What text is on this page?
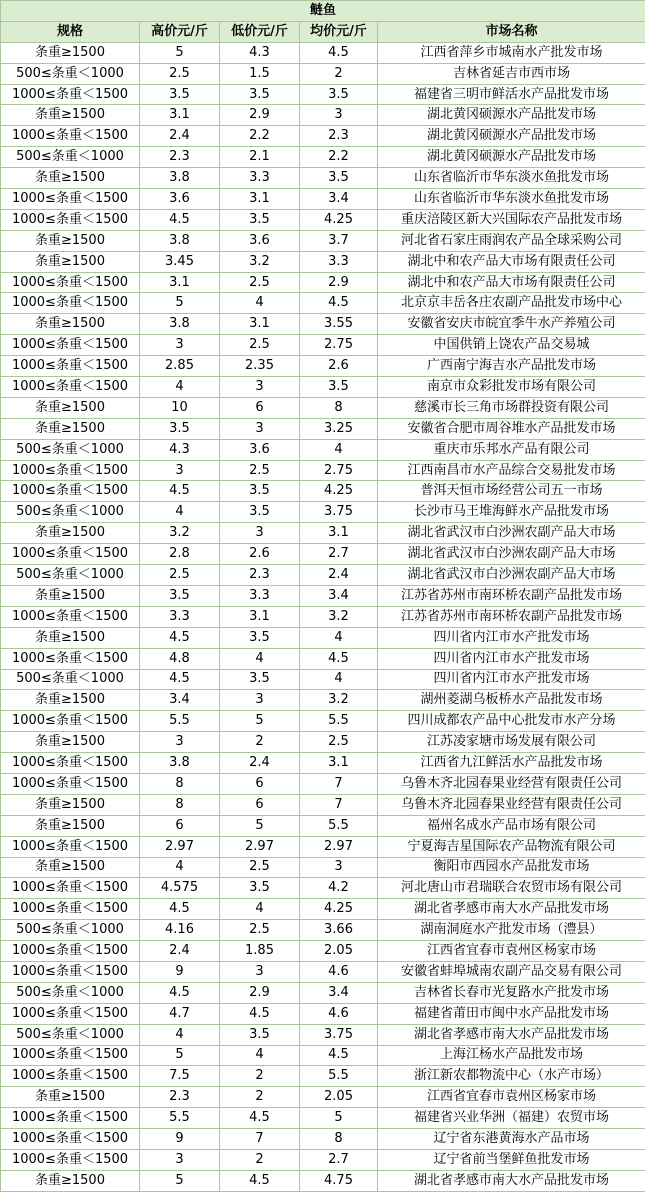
鲢鱼				
规格	高价元/斤	低价元/斤	均价元/斤	市场名称
条重≥1500	5	4.3	4.5	江西省萍乡市城南水产批发市场
500≤条重＜1000	2.5	1.5	2	吉林省延吉市西市场
1000≤条重＜1500	3.5	3.5	3.5	福建省三明市鲜活水产品批发市场
条重≥1500	3.1	2.9	3	湖北黄冈硕源水产品批发市场
1000≤条重＜1500	2.4	2.2	2.3	湖北黄冈硕源水产品批发市场
500≤条重＜1000	2.3	2.1	2.2	湖北黄冈硕源水产品批发市场
条重≥1500	3.8	3.3	3.5	山东省临沂市华东淡水鱼批发市场
1000≤条重＜1500	3.6	3.1	3.4	山东省临沂市华东淡水鱼批发市场
1000≤条重＜1500	4.5	3.5	4.25	重庆涪陵区新大兴国际农产品批发市场
条重≥1500	3.8	3.6	3.7	河北省石家庄雨润农产品全球采购公司
条重≥1500	3.45	3.2	3.3	湖北中和农产品大市场有限责任公司
1000≤条重＜1500	3.1	2.5	2.9	湖北中和农产品大市场有限责任公司
1000≤条重＜1500	5	4	4.5	北京京丰岳各庄农副产品批发市场中心
条重≥1500	3.8	3.1	3.55	安徽省安庆市皖宜季牛水产养殖公司
1000≤条重＜1500	3	2.5	2.75	中国供销上饶农产品交易城
1000≤条重＜1500	2.85	2.35	2.6	广西南宁海吉水产品批发市场
1000≤条重＜1500	4	3	3.5	南京市众彩批发市场有限公司
条重≥1500	10	6	8	慈溪市长三角市场群投资有限公司
条重≥1500	3.5	3	3.25	安徽省合肥市周谷堆水产品批发市场
500≤条重＜1000	4.3	3.6	4	重庆市乐邦水产品有限公司
1000≤条重＜1500	3	2.5	2.75	江西南昌市水产品综合交易批发市场
1000≤条重＜1500	4.5	3.5	4.25	普洱天恒市场经营公司五一市场
500≤条重＜1000	4	3.5	3.75	长沙市马王堆海鲜水产品批发市场
条重≥1500	3.2	3	3.1	湖北省武汉市白沙洲农副产品大市场
1000≤条重＜1500	2.8	2.6	2.7	湖北省武汉市白沙洲农副产品大市场
500≤条重＜1000	2.5	2.3	2.4	湖北省武汉市白沙洲农副产品大市场
条重≥1500	3.5	3.3	3.4	江苏省苏州市南环桥农副产品批发市场
1000≤条重＜1500	3.3	3.1	3.2	江苏省苏州市南环桥农副产品批发市场
条重≥1500	4.5	3.5	4	四川省内江市水产批发市场
1000≤条重＜1500	4.8	4	4.5	四川省内江市水产批发市场
500≤条重＜1000	4.5	3.5	4	四川省内江市水产批发市场
条重≥1500	3.4	3	3.2	湖州菱湖乌板桥水产品批发市场
1000≤条重＜1500	5.5	5	5.5	四川成都农产品中心批发市水产分场
条重≥1500	3	2	2.5	江苏凌家塘市场发展有限公司
1000≤条重＜1500	3.8	2.4	3.1	江西省九江鲜活水产品批发市场
1000≤条重＜1500	8	6	7	乌鲁木齐北园春果业经营有限责任公司
条重≥1500	8	6	7	乌鲁木齐北园春果业经营有限责任公司
条重≥1500	6	5	5.5	福州名成水产品市场有限公司
1000≤条重＜1500	2.97	2.97	2.97	宁夏海吉星国际农产品物流有限公司
条重≥1500	4	2.5	3	衡阳市西园水产品批发市场
1000≤条重＜1500	4.575	3.5	4.2	河北唐山市君瑞联合农贸市场有限公司
1000≤条重＜1500	4.5	4	4.25	湖北省孝感市南大水产品批发市场
500≤条重＜1000	4.16	2.5	3.66	湖南洞庭水产批发市场（澧县）
1000≤条重＜1500	2.4	1.85	2.05	江西省宜春市袁州区杨家市场
1000≤条重＜1500	9	3	4.6	安徽省蚌埠城南农副产品交易有限公司
500≤条重＜1000	4.5	2.9	3.4	吉林省长春市光复路水产批发市场
1000≤条重＜1500	4.7	4.5	4.6	福建省莆田市闽中水产品批发市场
500≤条重＜1000	4	3.5	3.75	湖北省孝感市南大水产品批发市场
1000≤条重＜1500	5	4	4.5	上海江杨水产品批发市场
1000≤条重＜1500	7.5	2	5.5	浙江新农都物流中心（水产市场）
条重≥1500	2.3	2	2.05	江西省宜春市袁州区杨家市场
1000≤条重＜1500	5.5	4.5	5	福建省兴业华洲（福建）农贸市场
1000≤条重＜1500	9	7	8	辽宁省东港黄海水产品市场
1000≤条重＜1500	3	2	2.7	辽宁省前当堡鲜鱼批发市场
条重≥1500	5	4.5	4.75	湖北省孝感市南大水产品批发市场
